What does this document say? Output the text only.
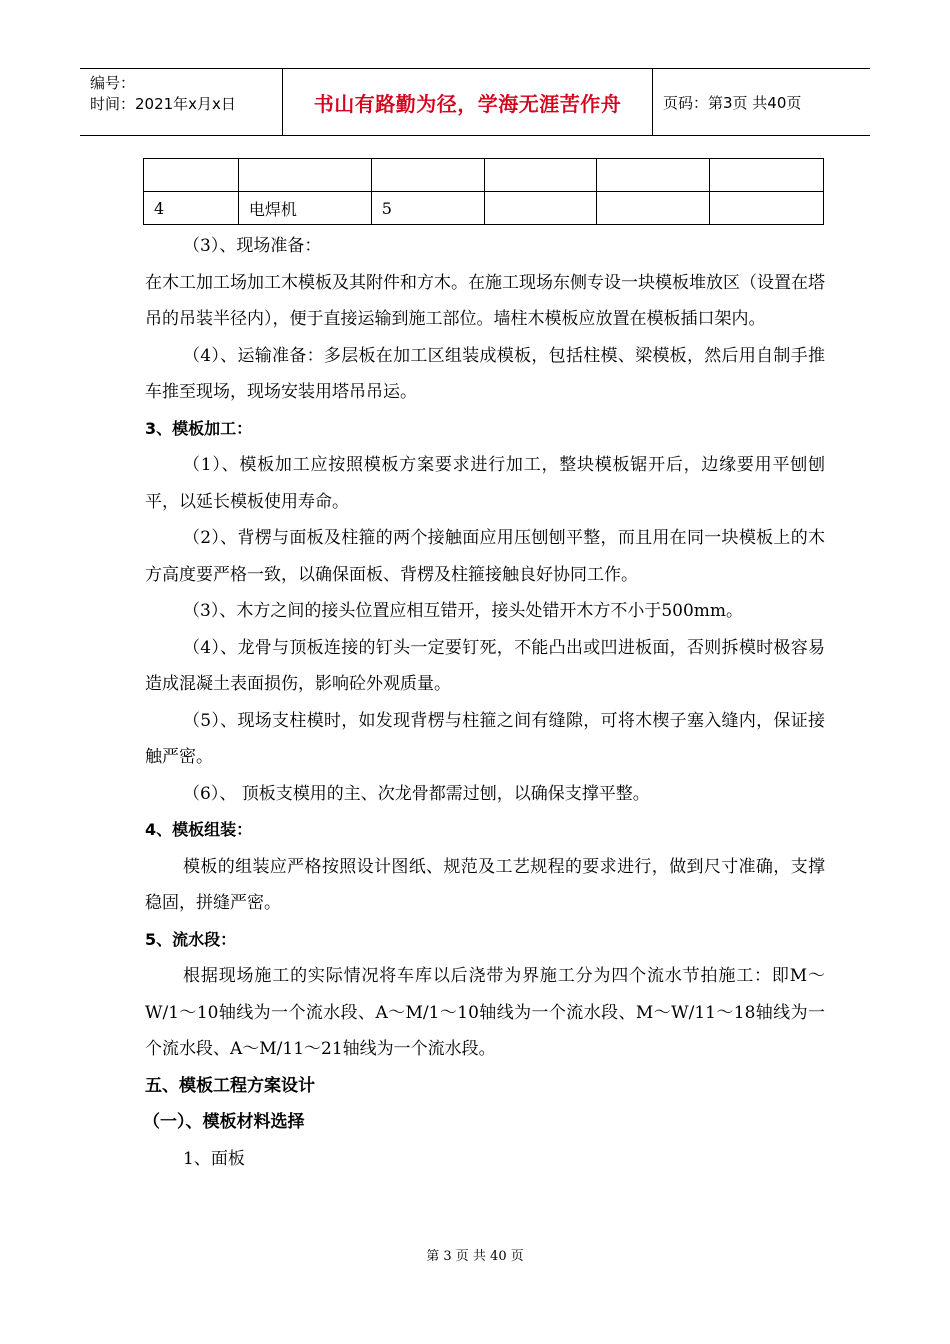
编号：
时间：2021年x月x日	书山有路勤为径，学海无涯苦作舟	页码：第3页 共40页

4	电焊机	5			

（3）、现场准备：

在木工加工场加工木模板及其附件和方木。在施工现场东侧专设一块模板堆放区（设置在塔吊的吊装半径内），便于直接运输到施工部位。墙柱木模板应放置在模板插口架内。

（4）、运输准备：多层板在加工区组装成模板，包括柱模、梁模板，然后用自制手推车推至现场，现场安装用塔吊吊运。

3、模板加工：

（1）、模板加工应按照模板方案要求进行加工，整块模板锯开后，边缘要用平刨刨平，以延长模板使用寿命。

（2）、背楞与面板及柱箍的两个接触面应用压刨刨平整，而且用在同一块模板上的木方高度要严格一致，以确保面板、背楞及柱箍接触良好协同工作。

（3）、木方之间的接头位置应相互错开，接头处错开木方不小于500mm。

（4）、龙骨与顶板连接的钉头一定要钉死，不能凸出或凹进板面，否则拆模时极容易造成混凝土表面损伤，影响砼外观质量。

（5）、现场支柱模时，如发现背楞与柱箍之间有缝隙，可将木楔子塞入缝内，保证接触严密。

（6）、 顶板支模用的主、次龙骨都需过刨，以确保支撑平整。

4、模板组装：

模板的组装应严格按照设计图纸、规范及工艺规程的要求进行，做到尺寸准确，支撑稳固，拼缝严密。

5、流水段：

根据现场施工的实际情况将车库以后浇带为界施工分为四个流水节拍施工：即M～W/1～10轴线为一个流水段、A～M/1～10轴线为一个流水段、M～W/11～18轴线为一个流水段、A～M/11～21轴线为一个流水段。

五、模板工程方案设计

（一）、模板材料选择

1、面板

第 3 页 共 40 页
